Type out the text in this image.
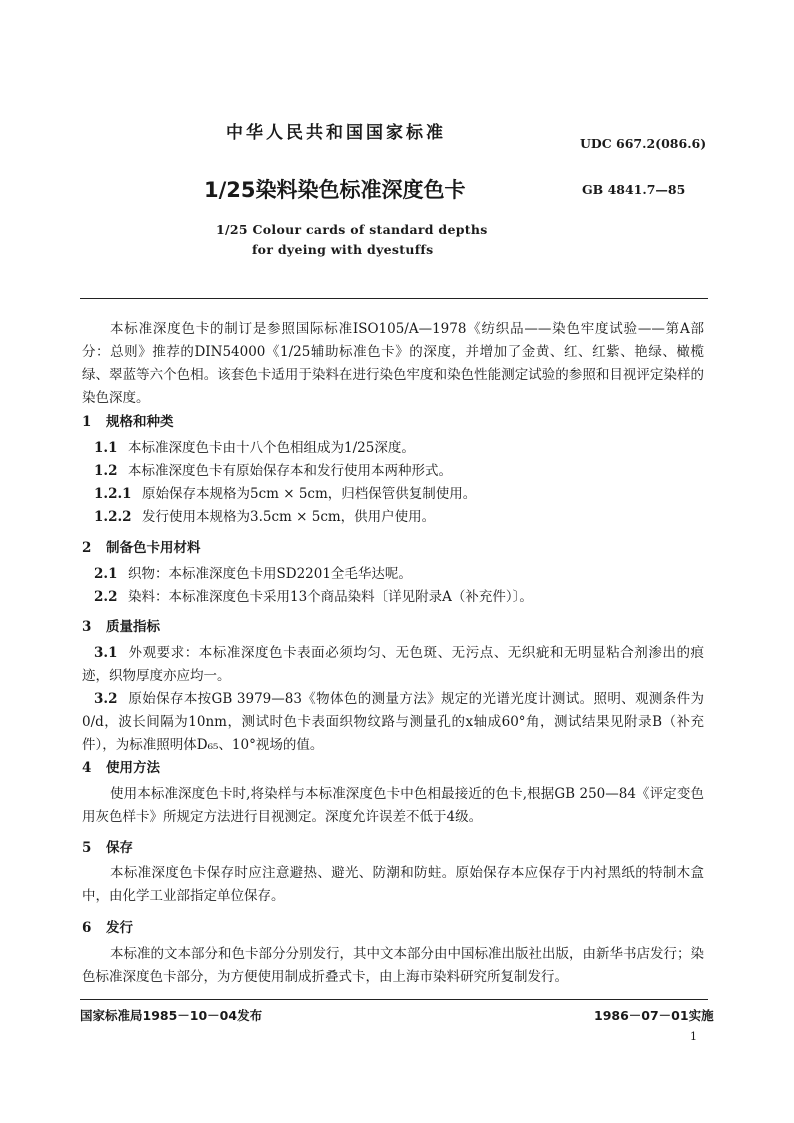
中华人民共和国国家标准
UDC 667.2(086.6)
1/25染料染色标准深度色卡	GB 4841.7—85
1/25 Colour cards of standard depths
for dyeing with dyestuffs
本标准深度色卡的制订是参照国际标准ISO105/A—1978《纺织品——染色牢度试验——第A部分：总则》推荐的DIN54000《1/25辅助标准色卡》的深度，并增加了金黄、红、红紫、艳绿、橄榄绿、翠蓝等六个色相。该套色卡适用于染料在进行染色牢度和染色性能测定试验的参照和目视评定染样的染色深度。
1 规格和种类
1.1 本标准深度色卡由十八个色相组成为1/25深度。
1.2 本标准深度色卡有原始保存本和发行使用本两种形式。
1.2.1 原始保存本规格为5cm × 5cm，归档保管供复制使用。
1.2.2 发行使用本规格为3.5cm × 5cm，供用户使用。
2 制备色卡用材料
2.1 织物：本标准深度色卡用SD2201全毛华达呢。
2.2 染料：本标准深度色卡采用13个商品染料〔详见附录A（补充件）〕。
3 质量指标
3.1 外观要求：本标准深度色卡表面必须均匀、无色斑、无污点、无织疵和无明显粘合剂渗出的痕迹，织物厚度亦应均一。
3.2 原始保存本按GB 3979—83《物体色的测量方法》规定的光谱光度计测试。照明、观测条件为0/d，波长间隔为10nm，测试时色卡表面织物纹路与测量孔的x轴成60°角，测试结果见附录B（补充件），为标准照明体D₆₅、10°视场的值。
4 使用方法
使用本标准深度色卡时,将染样与本标准深度色卡中色相最接近的色卡,根据GB 250—84《评定变色用灰色样卡》所规定方法进行目视测定。深度允许误差不低于4级。
5 保存
本标准深度色卡保存时应注意避热、避光、防潮和防蛀。原始保存本应保存于内衬黑纸的特制木盒中，由化学工业部指定单位保存。
6 发行
本标准的文本部分和色卡部分分别发行，其中文本部分由中国标准出版社出版，由新华书店发行；染色标准深度色卡部分，为方便使用制成折叠式卡，由上海市染料研究所复制发行。
国家标准局1985－10－04发布	1986－07－01实施
1
